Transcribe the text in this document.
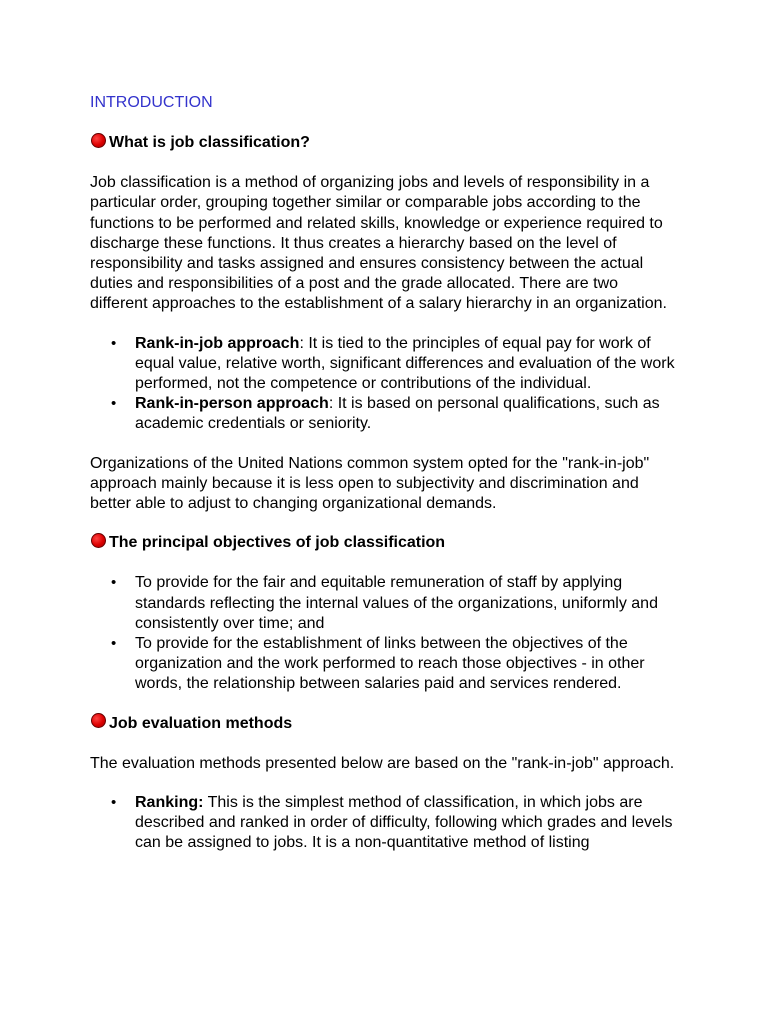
INTRODUCTION
What is job classification?

Job classification is a method of organizing jobs and levels of responsibility in a particular order, grouping together similar or comparable jobs according to the functions to be performed and related skills, knowledge or experience required to discharge these functions. It thus creates a hierarchy based on the level of responsibility and tasks assigned and ensures consistency between the actual duties and responsibilities of a post and the grade allocated. There are two different approaches to the establishment of a salary hierarchy in an organization.

• Rank-in-job approach: It is tied to the principles of equal pay for work of equal value, relative worth, significant differences and evaluation of the work performed, not the competence or contributions of the individual.
• Rank-in-person approach: It is based on personal qualifications, such as academic credentials or seniority.

Organizations of the United Nations common system opted for the "rank-in-job" approach mainly because it is less open to subjectivity and discrimination and better able to adjust to changing organizational demands.

The principal objectives of job classification
• To provide for the fair and equitable remuneration of staff by applying standards reflecting the internal values of the organizations, uniformly and consistently over time; and
• To provide for the establishment of links between the objectives of the organization and the work performed to reach those objectives - in other words, the relationship between salaries paid and services rendered.
Job evaluation methods

The evaluation methods presented below are based on the "rank-in-job" approach.

• Ranking: This is the simplest method of classification, in which jobs are described and ranked in order of difficulty, following which grades and levels can be assigned to jobs. It is a non-quantitative method of listing
